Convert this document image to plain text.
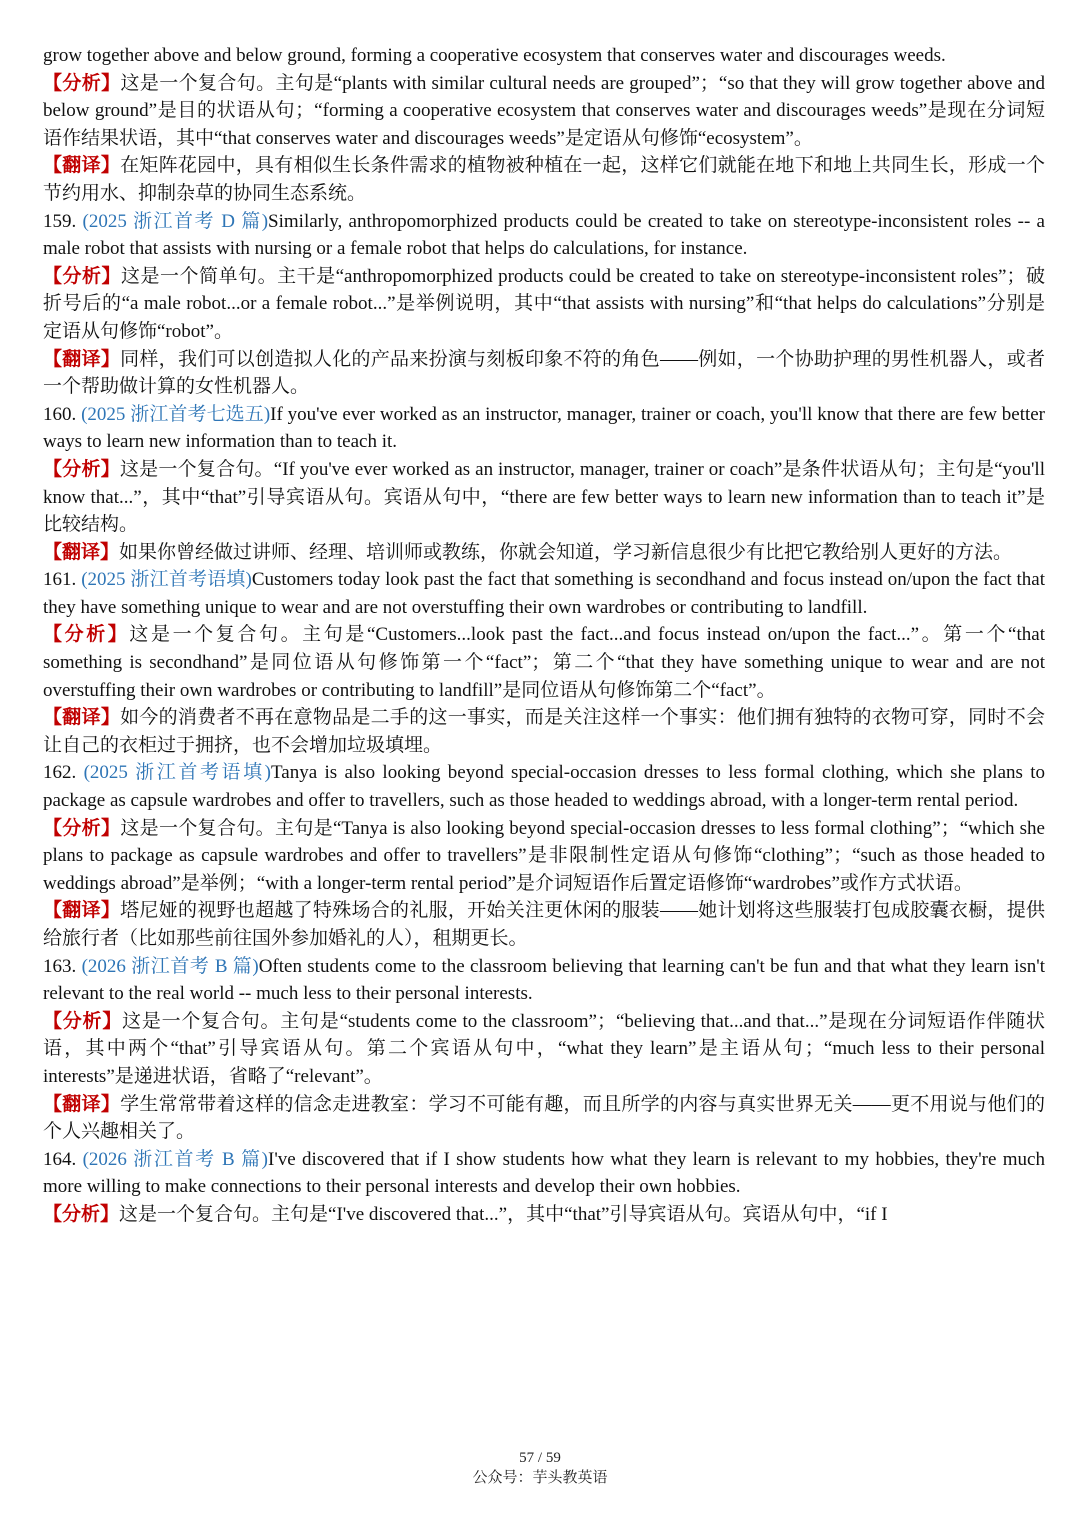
grow together above and below ground, forming a cooperative ecosystem that conserves water and discourages weeds.

【分析】这是一个复合句。主句是“plants with similar cultural needs are grouped”；“so that they will grow together above and below ground”是目的状语从句；“forming a cooperative ecosystem that conserves water and discourages weeds”是现在分词短语作结果状语，其中“that conserves water and discourages weeds”是定语从句修饰“ecosystem”。

【翻译】在矩阵花园中，具有相似生长条件需求的植物被种植在一起，这样它们就能在地下和地上共同生长，形成一个节约用水、抑制杂草的协同生态系统。

159. (2025 浙江首考 D 篇)Similarly, anthropomorphized products could be created to take on stereotype-inconsistent roles -- a male robot that assists with nursing or a female robot that helps do calculations, for instance.

【分析】这是一个简单句。主干是“anthropomorphized products could be created to take on stereotype-inconsistent roles”；破折号后的“a male robot...or a female robot...”是举例说明，其中“that assists with nursing”和“that helps do calculations”分别是定语从句修饰“robot”。

【翻译】同样，我们可以创造拟人化的产品来扮演与刻板印象不符的角色——例如，一个协助护理的男性机器人，或者一个帮助做计算的女性机器人。

160. (2025 浙江首考七选五)If you've ever worked as an instructor, manager, trainer or coach, you'll know that there are few better ways to learn new information than to teach it.

【分析】这是一个复合句。“If you've ever worked as an instructor, manager, trainer or coach”是条件状语从句；主句是“you'll know that...”，其中“that”引导宾语从句。宾语从句中，“there are few better ways to learn new information than to teach it”是比较结构。

【翻译】如果你曾经做过讲师、经理、培训师或教练，你就会知道，学习新信息很少有比把它教给别人更好的方法。

161. (2025 浙江首考语填)Customers today look past the fact that something is secondhand and focus instead on/upon the fact that they have something unique to wear and are not overstuffing their own wardrobes or contributing to landfill.

【分析】这是一个复合句。主句是“Customers...look past the fact...and focus instead on/upon the fact...”。第一个“that something is secondhand”是同位语从句修饰第一个“fact”；第二个“that they have something unique to wear and are not overstuffing their own wardrobes or contributing to landfill”是同位语从句修饰第二个“fact”。

【翻译】如今的消费者不再在意物品是二手的这一事实，而是关注这样一个事实：他们拥有独特的衣物可穿，同时不会让自己的衣柜过于拥挤，也不会增加垃圾填埋。

162. (2025 浙江首考语填)Tanya is also looking beyond special-occasion dresses to less formal clothing, which she plans to package as capsule wardrobes and offer to travellers, such as those headed to weddings abroad, with a longer-term rental period.

【分析】这是一个复合句。主句是“Tanya is also looking beyond special-occasion dresses to less formal clothing”；“which she plans to package as capsule wardrobes and offer to travellers”是非限制性定语从句修饰“clothing”；“such as those headed to weddings abroad”是举例；“with a longer-term rental period”是介词短语作后置定语修饰“wardrobes”或作方式状语。

【翻译】塔尼娅的视野也超越了特殊场合的礼服，开始关注更休闲的服装——她计划将这些服装打包成胶囊衣橱，提供给旅行者（比如那些前往国外参加婚礼的人），租期更长。

163. (2026 浙江首考 B 篇)Often students come to the classroom believing that learning can't be fun and that what they learn isn't relevant to the real world -- much less to their personal interests.

【分析】这是一个复合句。主句是“students come to the classroom”；“believing that...and that...”是现在分词短语作伴随状语，其中两个“that”引导宾语从句。第二个宾语从句中，“what they learn”是主语从句；“much less to their personal interests”是递进状语，省略了“relevant”。

【翻译】学生常常带着这样的信念走进教室：学习不可能有趣，而且所学的内容与真实世界无关——更不用说与他们的个人兴趣相关了。

164. (2026 浙江首考 B 篇)I've discovered that if I show students how what they learn is relevant to my hobbies, they're much more willing to make connections to their personal interests and develop their own hobbies.

【分析】这是一个复合句。主句是“I've discovered that...”，其中“that”引导宾语从句。宾语从句中，“if I

57 / 59
公众号：芋头教英语
